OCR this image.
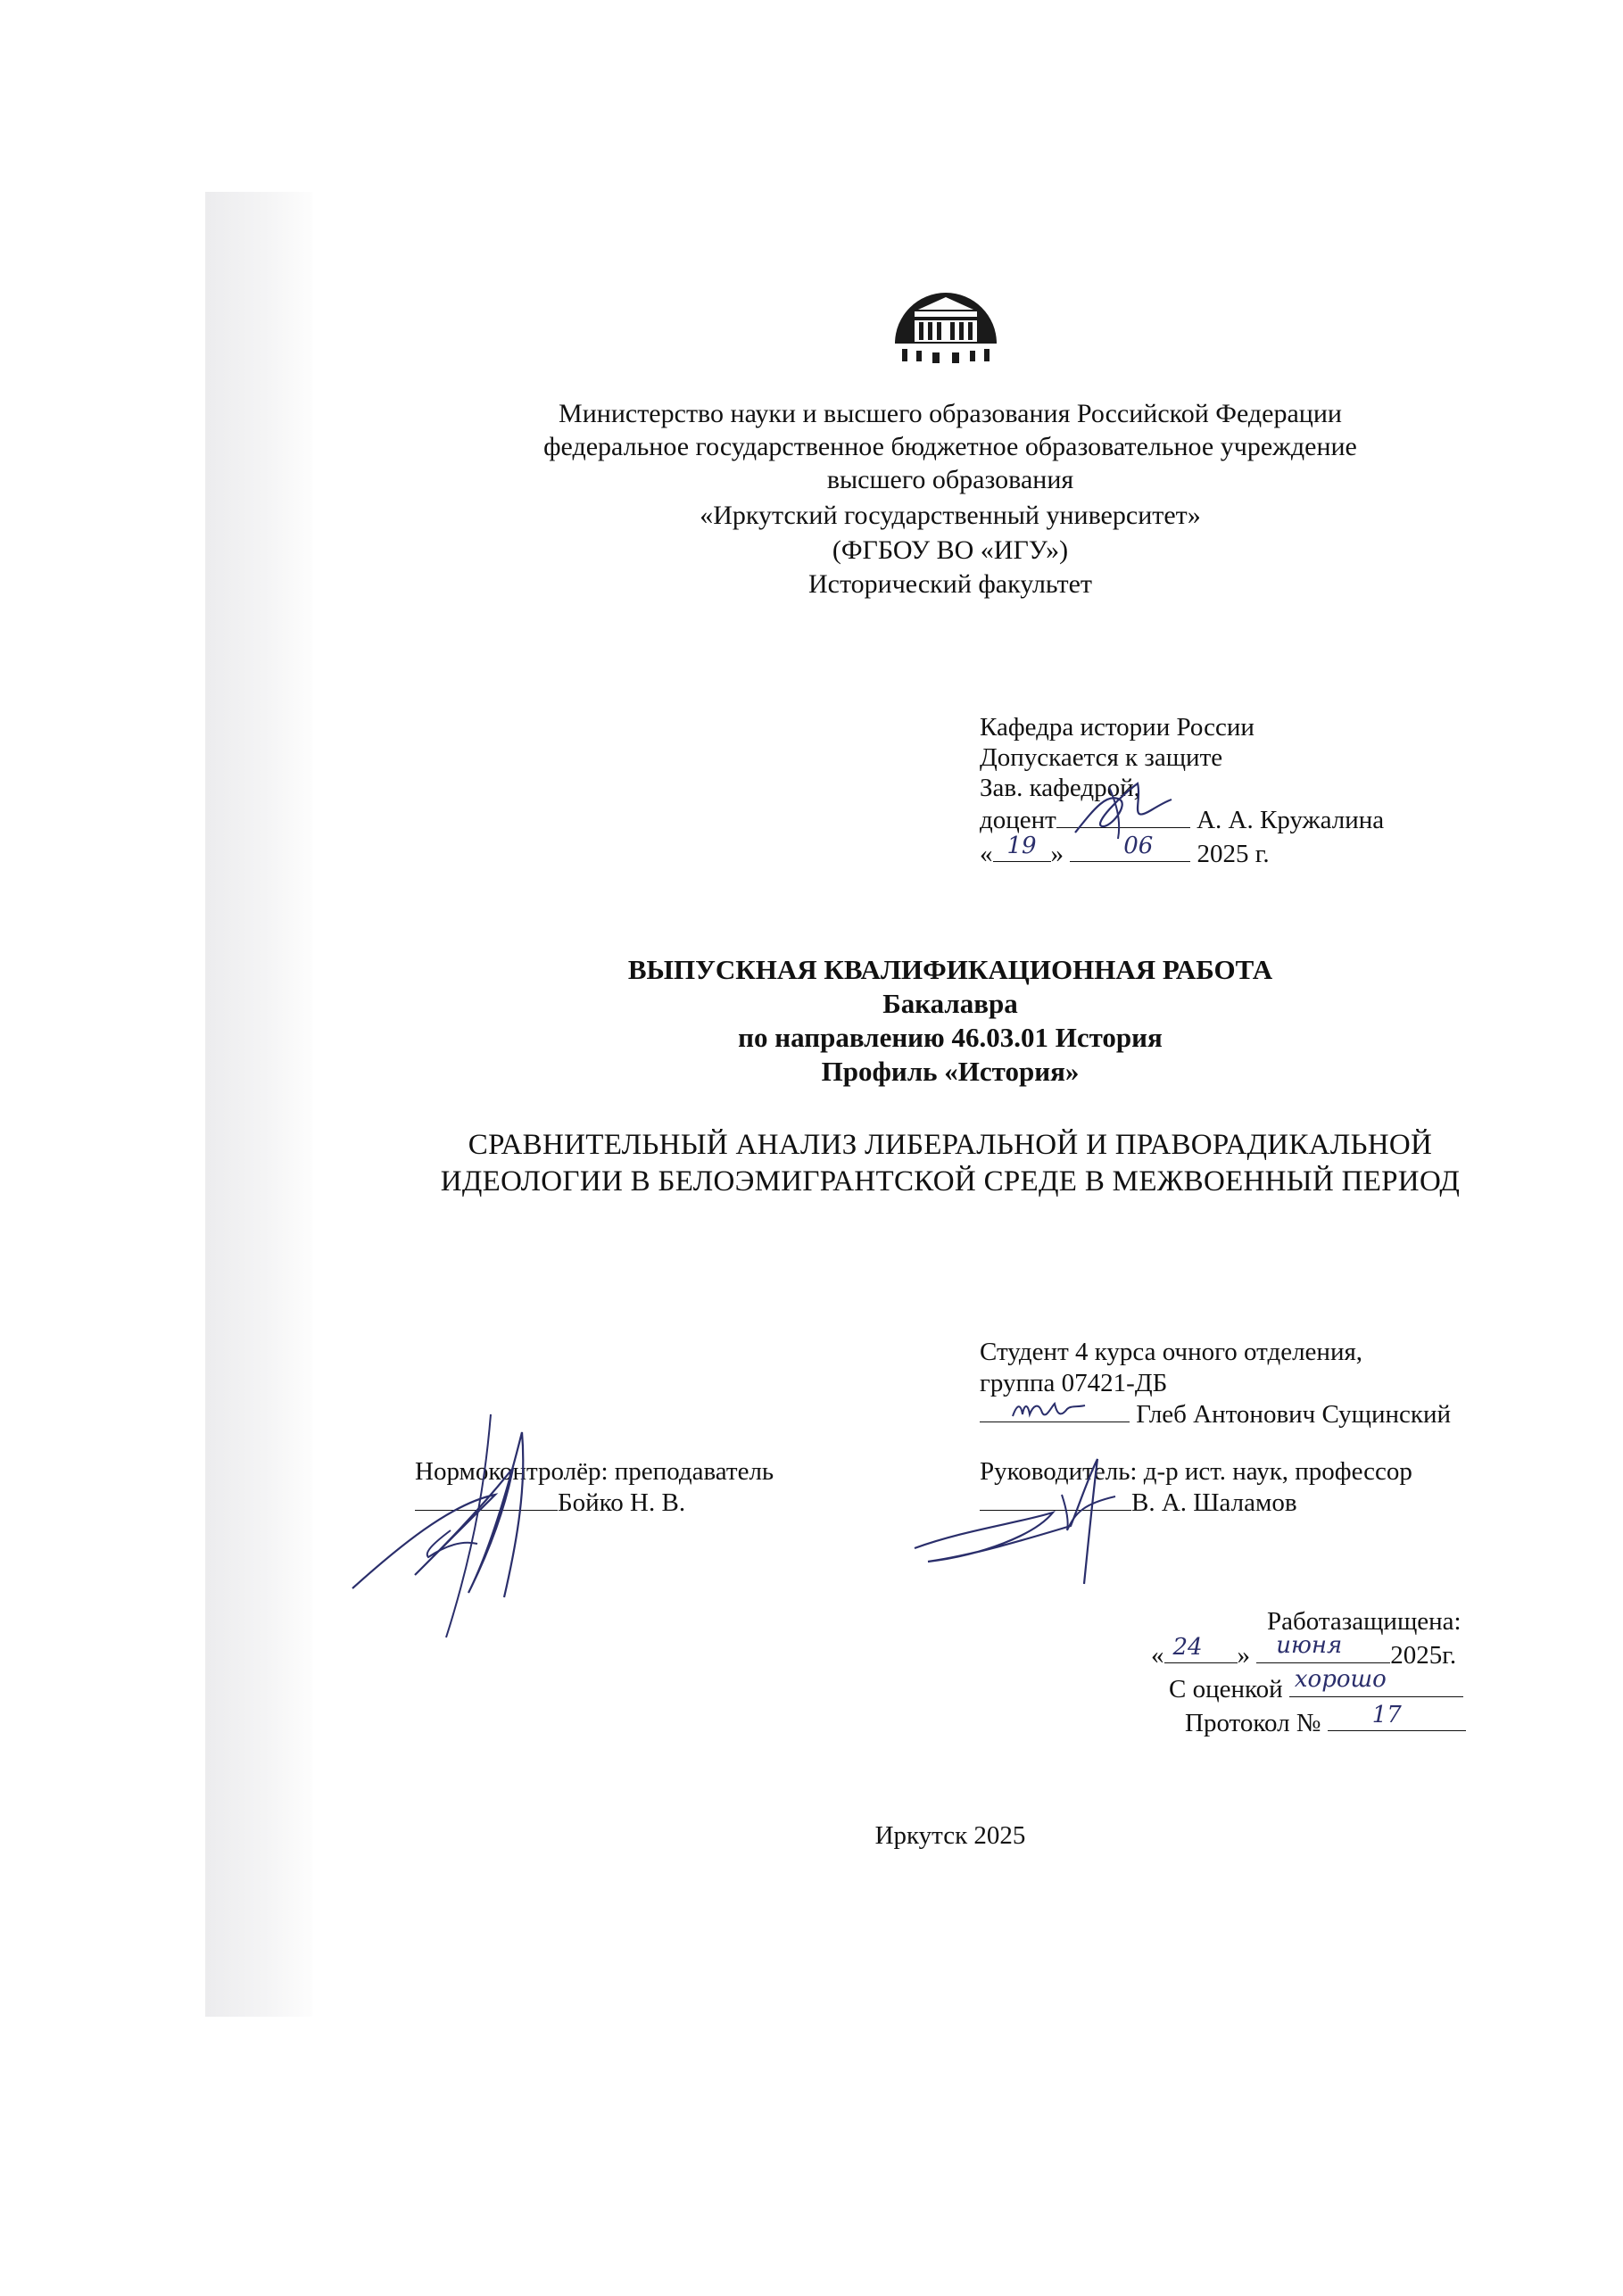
Министерство науки и высшего образования Российской Федерации
федеральное государственное бюджетное образовательное учреждение
высшего образования
«Иркутский государственный университет»
(ФГБОУ ВО «ИГУ»)
Исторический факультет
Кафедра истории России
Допускается к защите
Зав. кафедрой,
доцент	А. А. Кружалина
« 19 »	06 2025 г.
ВЫПУСКНАЯ КВАЛИФИКАЦИОННАЯ РАБОТА
Бакалавра
по направлению 46.03.01 История
Профиль «История»
СРАВНИТЕЛЬНЫЙ АНАЛИЗ ЛИБЕРАЛЬНОЙ И ПРАВОРАДИКАЛЬНОЙ
ИДЕОЛОГИИ В БЕЛОЭМИГРАНТСКОЙ СРЕДЕ В МЕЖВОЕННЫЙ ПЕРИОД
Студент 4 курса очного отделения,
группа 07421-ДБ
Глеб Антонович Сущинский
Нормоконтролёр: преподаватель
Бойко Н. В.
Руководитель: д-р ист. наук, профессор
В. А. Шаламов
Работазащищена:
« 24 » июня 2025г.
С оценкой хорошо
Протокол № 17
Иркутск 2025
